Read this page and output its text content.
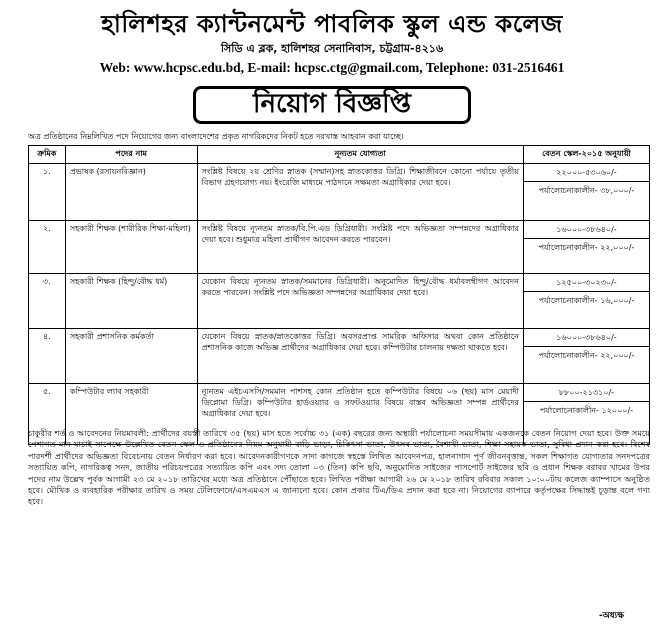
হালিশহর ক্যান্টনমেন্ট পাবলিক স্কুল এন্ড কলেজ
সিডি এ ব্লক, হালিশহর সেনানিবাস, চট্টগ্রাম-৪২১৬
Web: www.hcpsc.edu.bd, E-mail: hcpsc.ctg@gmail.com, Telephone: 031-2516461
নিয়োগ বিজ্ঞপ্তি
অত্র প্রতিষ্ঠানের নিম্নলিখিত পদে নিয়োগের জন্য বাংলাদেশের প্রকৃত নাগরিকদের নিকট হতে দরখাস্ত আহবান করা যাচ্ছে।
ক্রমিক	পদের নাম	নূন্যতম যোগ্যতা	বেতন স্কেল-২০১৫ অনুযায়ী
১.	প্রভাষক (রসায়নবিজ্ঞান)	সংশ্লিষ্ট বিষয়ে ২য় শ্রেণির স্নাতক (সম্মান)সহ স্নাতকোত্তর ডিগ্রি। শিক্ষাজীবনে কোনো পর্যায়ে তৃতীয় বিভাগ গ্রহণযোগ্য নয়। ইংরেজি মাধ্যমে পাঠদানে সক্ষমতা অগ্রাধিকার দেয়া হবে।	২২০০০-৫৩০৬০/-
পর্যালোচনাকালীন- ৩৮,০০০/-

২.	সহকারী শিক্ষক (শারীরিক শিক্ষা-মহিলা)	সংশ্লিষ্ট বিষয়ে ন্যূনতম স্নাতক/বি.পি.এড ডিগ্রিধারী। সংশ্লিষ্ট পদে অভিজ্ঞতা সম্পন্নদের অগ্রাধিকার দেয়া হবে। শুধুমাত্র মহিলা প্রার্থীগণ আবেদন করতে পারবেন।	১৬০০০-৩৮৬৪০/-
পর্যালোচনাকালীন- ২২,০০০/-

৩.	সহকারী শিক্ষক (হিন্দু/বৌদ্ধ ধর্ম)	যেকোন বিষয়ে ন্যূনতম স্নাতক/সমমানের ডিগ্রিধারী। অনুমোদিত হিন্দু/বৌদ্ধ ধর্মাবলম্বীগণ আবেদন করতে পারবেন। সংশ্লিষ্ট পদে অভিজ্ঞতা সম্পন্নদের অগ্রাধিকার দেয়া হবে।	১২৫০০-৩০২৩০/-
পর্যালোচনাকালীন- ১৬,০০০/-

৪.	সহকারী প্রশাসনিক কর্মকর্তা	যেকোন বিষয়ে স্নাতক/স্নাতকোত্তর ডিগ্রি। অবসরপ্রাপ্ত সামরিক অফিসার অথবা কোন প্রতিষ্ঠানে প্রশাসনিক কাজে অভিজ্ঞ প্রার্থীদের অগ্রাধিকার দেয়া হবে। কম্পিউটার চালনায় দক্ষতা থাকতে হবে।	১৬০০০-৩৮৬৪০/-
পর্যালোচনাকালীন- ২২,০০০/-

৫.	কম্পিউটার ল্যাব সহকারী	ন্যূনতম এইচএসসি/সমমান পাশসহ কোন প্রতিষ্ঠান হতে কম্পিউটার বিষয়ে ০৬ (ছয়) মাস মেয়াদী ডিপ্লোমা ডিগ্রি। কম্পিউটার হার্ডওয়্যার ও সফটওয়্যার বিষয়ে বাস্তব অভিজ্ঞতা সম্পন্ন প্রার্থীদের অগ্রাধিকার দেয়া হবে।	৮৮০০-২১৩১০/-
পর্যালোচনাকালীন- ১২০০০/-
চাকুরীর শর্ত ও আবেদনের নিয়মাবলী: প্রার্থীদের বয়স্তী তারিখে ৩৫ (ছয়) মাস হতে সর্বোচ্চ ৩১ (এক) বছরের জন্য অস্থায়ী পর্যালোচনা সময়সীমায় একজনকে বেতন নিয়োগ দেয়া হবে। উক্ত সময়ে পেশাগত মান যাচাই সাপেক্ষে উল্লেখিত বেতন স্কেল ও প্রতিষ্ঠানের নিয়ম অনুযায়ী বাড়ি ভাড়া, চিকিৎসা ভাতা, উৎসব ভাতা, বৈশাখী ভাতা, শিক্ষা সহায়ক ভাতা, সুবিধা প্রদান করা হবে। বিশেষ পারদর্শী প্রার্থীদের অভিজ্ঞতা বিবেচনায় বেতন নির্ধারণ করা হবে। আবেদনকারীগণকে সাদা কাগজে স্বহস্তে লিখিত আবেদনপত্র, হালনাগাদ পূর্ণ জীবনবৃত্তান্ত, সকল শিক্ষাগত যোগ্যতার সনদপত্রের সত্যায়িত কপি, নাগরিকত্ব সনদ, জাতীয় পরিচয়পত্রের সত্যায়িত কপি এবং সদ্য তোলা ০৩ (তিন) কপি ছবি, অনুমোদিত সাইজের পাসপোর্ট সাইজের ছবি ও প্রধান শিক্ষক বরাবর খামের উপর পদের নাম উল্লেখ পূর্বক আগামী ২৩ মে ২০১৮ তারিখের মধ্যে অত্র প্রতিষ্ঠানে পৌঁছাতে হবে। লিখিত পরীক্ষা আগামী ২৬ মে ২০১৮ তারিখ রবিবার সকাল ১০:০০টায় কলেজ ক্যাম্পাসে অনুষ্ঠিত হবে। মৌখিক ও ব্যবহারিক পরীক্ষার তারিখ ও সময় টেলিফোনে/এসএমএস এ জানানো হবে। কোন প্রকার টিএ/ডিএ প্রদান করা হবে না। নিয়োগের ব্যাপারে কর্তৃপক্ষের সিদ্ধান্তই চূড়ান্ত বলে গণ্য হবে।
-অধ্যক্ষ
